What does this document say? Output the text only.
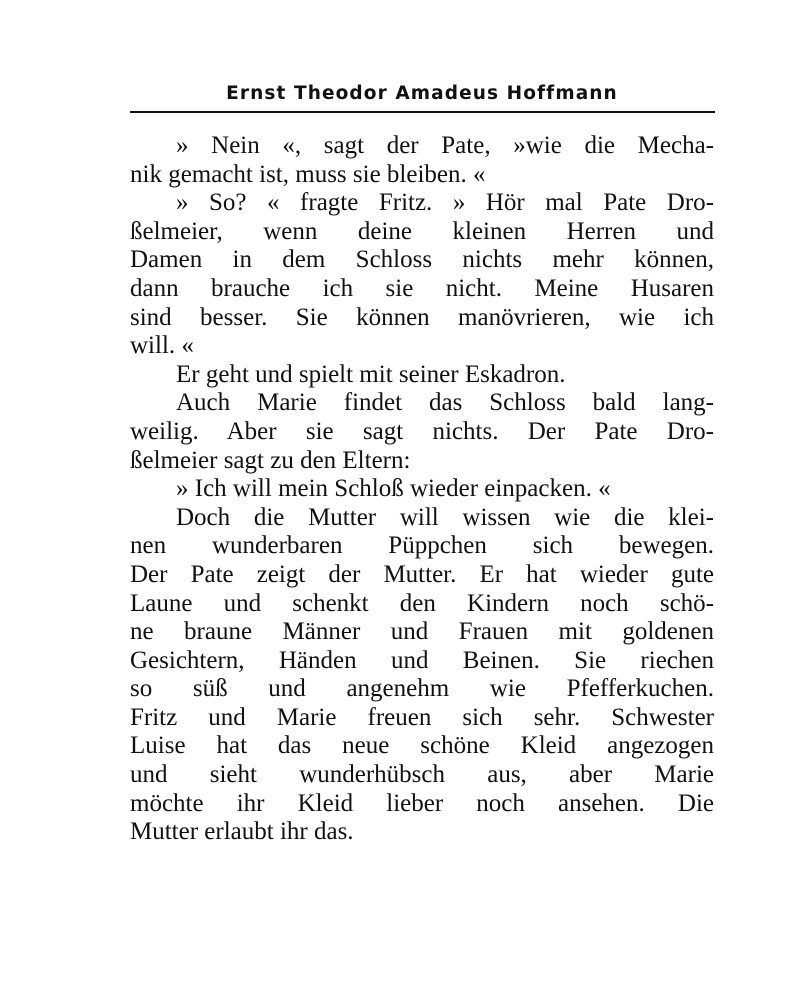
Ernst Theodor Amadeus Hoffmann
» Nein «, sagt der Pate, »wie die Mecha-
nik gemacht ist, muss sie bleiben. «
» So? « fragte Fritz. » Hör mal Pate Dro-
ßelmeier, wenn deine kleinen Herren und
Damen in dem Schloss nichts mehr können,
dann brauche ich sie nicht. Meine Husaren
sind besser. Sie können manövrieren, wie ich
will. «
Er geht und spielt mit seiner Eskadron.
Auch Marie findet das Schloss bald lang-
weilig. Aber sie sagt nichts. Der Pate Dro-
ßelmeier sagt zu den Eltern:
» Ich will mein Schloß wieder einpacken. «
Doch die Mutter will wissen wie die klei-
nen wunderbaren Püppchen sich bewegen.
Der Pate zeigt der Mutter. Er hat wieder gute
Laune und schenkt den Kindern noch schö-
ne braune Männer und Frauen mit goldenen
Gesichtern, Händen und Beinen. Sie riechen
so süß und angenehm wie Pfefferkuchen.
Fritz und Marie freuen sich sehr. Schwester
Luise hat das neue schöne Kleid angezogen
und sieht wunderhübsch aus, aber Marie
möchte ihr Kleid lieber noch ansehen. Die
Mutter erlaubt ihr das.
